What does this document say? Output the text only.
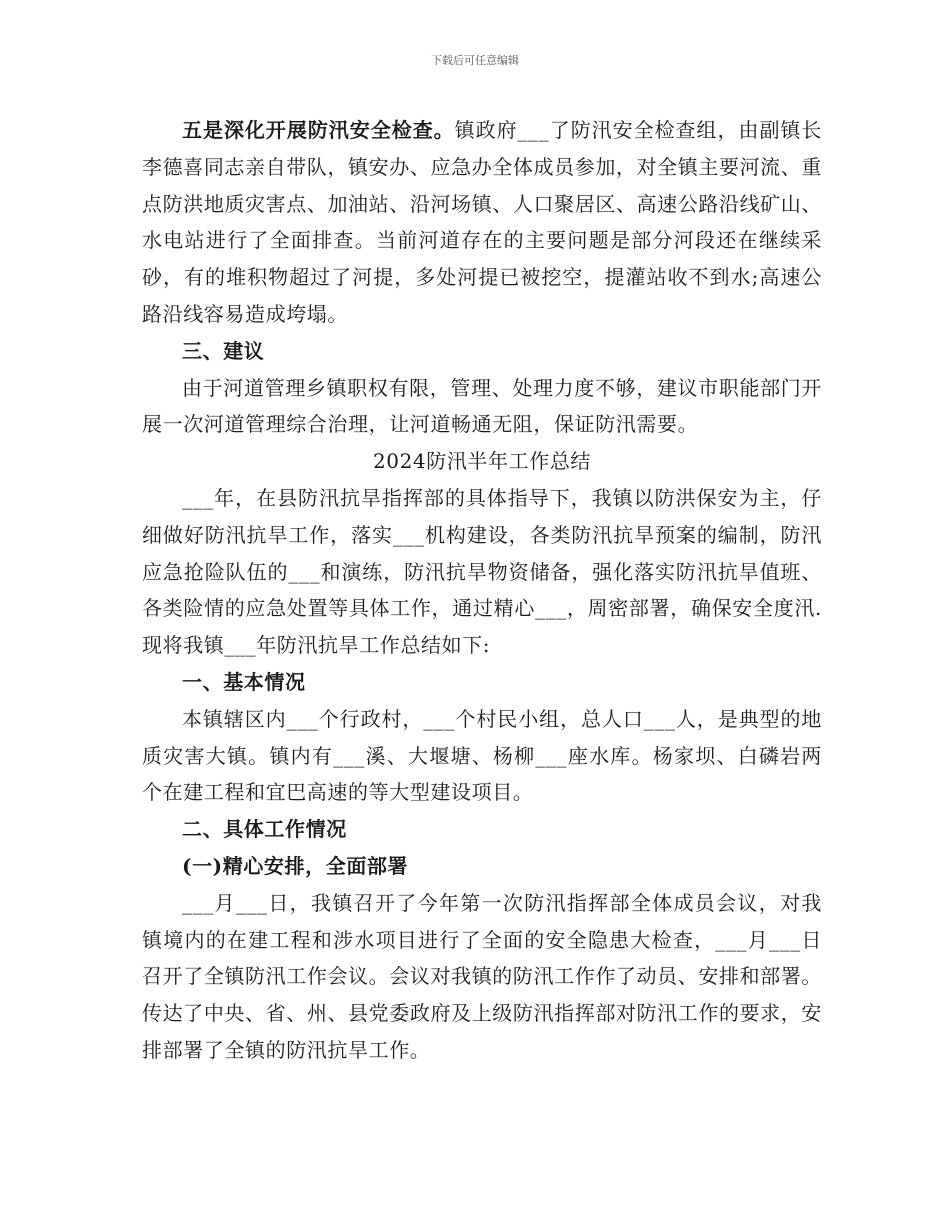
下载后可任意编辑

五是深化开展防汛安全检查。镇政府___了防汛安全检查组，由副镇长李德喜同志亲自带队，镇安办、应急办全体成员参加，对全镇主要河流、重点防洪地质灾害点、加油站、沿河场镇、人口聚居区、高速公路沿线矿山、水电站进行了全面排查。当前河道存在的主要问题是部分河段还在继续采砂，有的堆积物超过了河提，多处河提已被挖空，提灌站收不到水;高速公路沿线容易造成垮塌。

三、建议

由于河道管理乡镇职权有限，管理、处理力度不够，建议市职能部门开展一次河道管理综合治理，让河道畅通无阻，保证防汛需要。

2024防汛半年工作总结

___年，在县防汛抗旱指挥部的具体指导下，我镇以防洪保安为主，仔细做好防汛抗旱工作，落实___机构建设，各类防汛抗旱预案的编制，防汛应急抢险队伍的___和演练，防汛抗旱物资储备，强化落实防汛抗旱值班、各类险情的应急处置等具体工作，通过精心___，周密部署，确保安全度汛.现将我镇___年防汛抗旱工作总结如下:

一、基本情况

本镇辖区内___个行政村，___个村民小组，总人口___人，是典型的地质灾害大镇。镇内有___溪、大堰塘、杨柳___座水库。杨家坝、白磷岩两个在建工程和宜巴高速的等大型建设项目。

二、具体工作情况

(一)精心安排，全面部署

___月___日，我镇召开了今年第一次防汛指挥部全体成员会议，对我镇境内的在建工程和涉水项目进行了全面的安全隐患大检查，___月___日召开了全镇防汛工作会议。会议对我镇的防汛工作作了动员、安排和部署。传达了中央、省、州、县党委政府及上级防汛指挥部对防汛工作的要求，安排部署了全镇的防汛抗旱工作。
